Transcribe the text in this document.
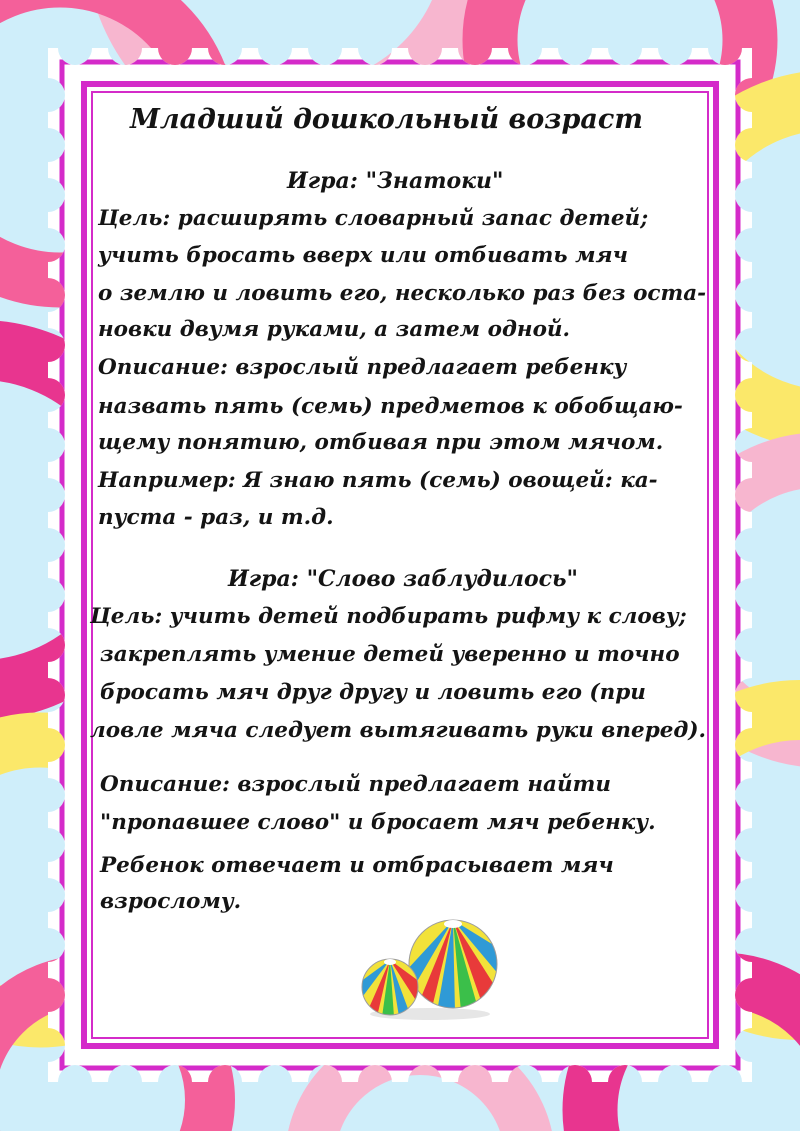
Младший дошкольный возраст

Игра: "Знатоки"

Цель: расширять словарный запас детей;

учить бросать вверх или отбивать мяч

о землю и ловить его, несколько раз без оста-

новки двумя руками, а затем одной.

Описание: взрослый предлагает ребенку

назвать пять (семь) предметов к обобщаю-

щему понятию, отбивая при этом мячом.

Например: Я знаю пять (семь) овощей: ка-

пуста - раз, и т.д.

Игра: "Слово заблудилось"

Цель: учить детей подбирать рифму к слову;

закреплять умение детей уверенно и точно

бросать мяч друг другу и ловить его (при

ловле мяча следует вытягивать руки вперед).

Описание: взрослый предлагает найти

"пропавшее слово" и бросает мяч ребенку.

Ребенок отвечает и отбрасывает мяч

взрослому.
